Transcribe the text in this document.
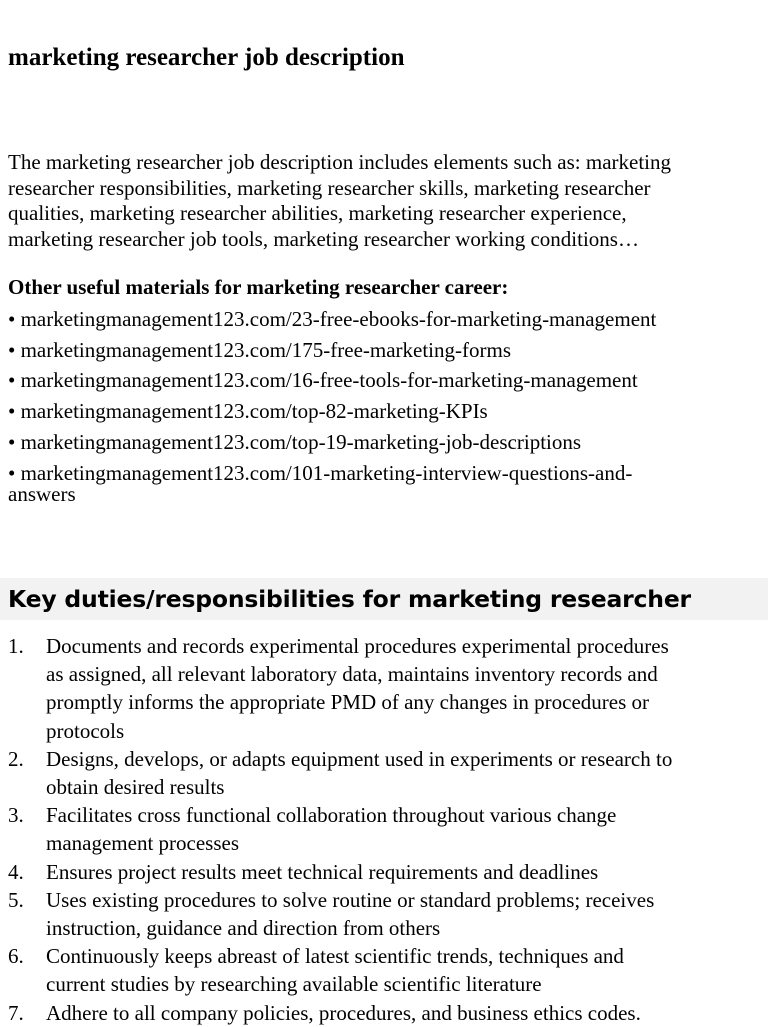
marketing researcher job description
The marketing researcher job description includes elements such as: marketing
researcher responsibilities, marketing researcher skills, marketing researcher
qualities, marketing researcher abilities, marketing researcher experience,
marketing researcher job tools, marketing researcher working conditions…
Other useful materials for marketing researcher career:
• marketingmanagement123.com/23-free-ebooks-for-marketing-management
• marketingmanagement123.com/175-free-marketing-forms
• marketingmanagement123.com/16-free-tools-for-marketing-management
• marketingmanagement123.com/top-82-marketing-KPIs
• marketingmanagement123.com/top-19-marketing-job-descriptions
• marketingmanagement123.com/101-marketing-interview-questions-and-
answers
Key duties/responsibilities for marketing researcher
1.	Documents and records experimental procedures experimental procedures
as assigned, all relevant laboratory data, maintains inventory records and
promptly informs the appropriate PMD of any changes in procedures or
protocols
2.	Designs, develops, or adapts equipment used in experiments or research to
obtain desired results
3.	Facilitates cross functional collaboration throughout various change
management processes
4.	Ensures project results meet technical requirements and deadlines
5.	Uses existing procedures to solve routine or standard problems; receives
instruction, guidance and direction from others
6.	Continuously keeps abreast of latest scientific trends, techniques and
current studies by researching available scientific literature
7.	Adhere to all company policies, procedures, and business ethics codes.
